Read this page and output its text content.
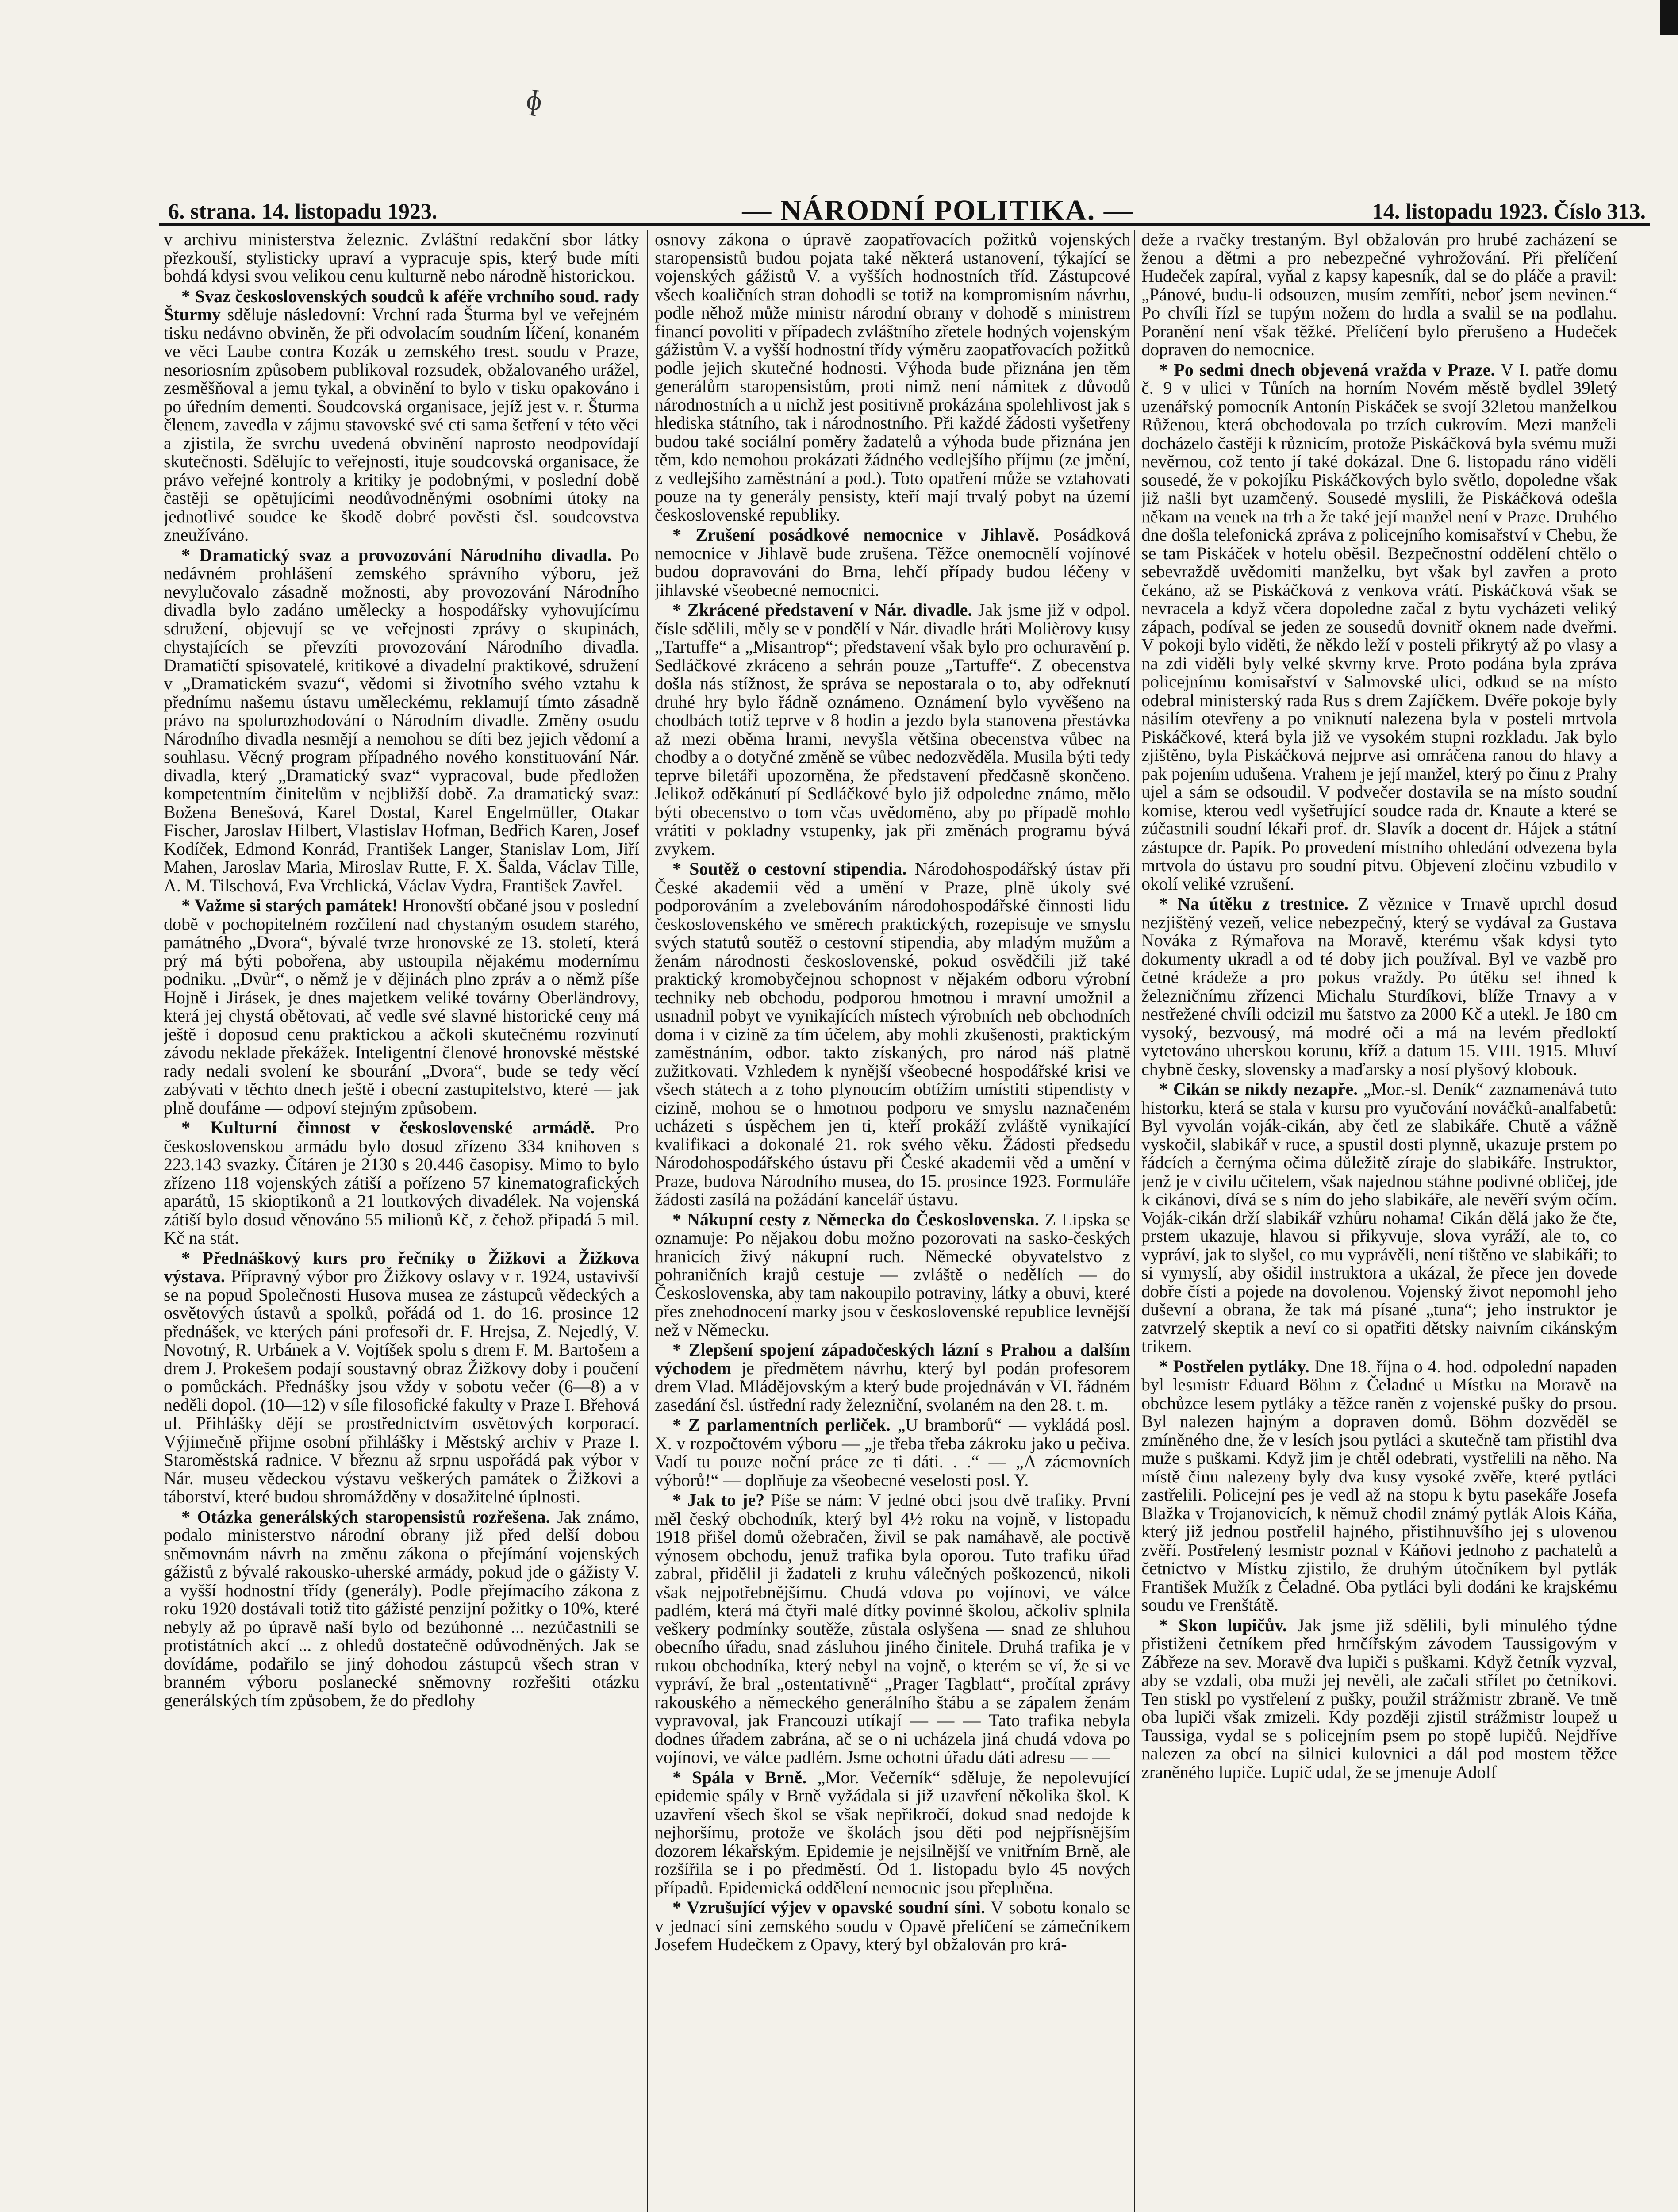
ɸ
6. strana. 14. listopadu 1923.	— NÁRODNÍ POLITIKA. —	14. listopadu 1923. Číslo 313.

v archivu ministerstva železnic. Zvláštní redakční sbor látky přezkouší, stylisticky upraví a vypracuje spis, který bude míti bohdá kdysi svou velikou cenu kulturně nebo národně historickou.

* Svaz československých soudců k aféře vrchního soud. rady Šturmy sděluje následovní: Vrchní rada Šturma byl ve veřejném tisku nedávno obviněn, že při odvolacím soudním líčení, konaném ve věci Laube contra Kozák u zemského trest. soudu v Praze, nesoriosním způsobem publikoval rozsudek, obžalovaného urážel, zesměšňoval a jemu tykal, a obvinění to bylo v tisku opakováno i po úředním dementi. Soudcovská organisace, jejíž jest v. r. Šturma členem, zavedla v zájmu stavovské své cti sama šetření v této věci a zjistila, že svrchu uvedená obvinění naprosto neodpovídají skutečnosti. Sdělujíc to veřejnosti, ituje soudcovská organisace, že právo veřejné kontroly a kritiky je podobnými, v poslední době častěji se opětujícími neodůvodněnými osobními útoky na jednotlivé soudce ke škodě dobré pověsti čsl. soudcovstva zneužíváno.

* Dramatický svaz a provozování Národního divadla. Po nedávném prohlášení zemského správního výboru, jež nevylučovalo zásadně možnosti, aby provozování Národního divadla bylo zadáno umělecky a hospodářsky vyhovujícímu sdružení, objevují se ve veřejnosti zprávy o skupinách, chystajících se převzíti provozování Národního divadla. Dramatičtí spisovatelé, kritikové a divadelní praktikové, sdružení v „Dramatickém svazu“, vědomi si životního svého vztahu k přednímu našemu ústavu uměleckému, reklamují tímto zásadně právo na spolurozhodování o Národním divadle. Změny osudu Národního divadla nesmějí a nemohou se díti bez jejich vědomí a souhlasu. Věcný program případného nového konstituování Nár. divadla, který „Dramatický svaz“ vypracoval, bude předložen kompetentním činitelům v nejbližší době. Za dramatický svaz: Božena Benešová, Karel Dostal, Karel Engelmüller, Otakar Fischer, Jaroslav Hilbert, Vlastislav Hofman, Bedřich Karen, Josef Kodíček, Edmond Konrád, František Langer, Stanislav Lom, Jiří Mahen, Jaroslav Maria, Miroslav Rutte, F. X. Šalda, Václav Tille, A. M. Tilschová, Eva Vrchlická, Václav Vydra, František Zavřel.

* Važme si starých památek! Hronovští občané jsou v poslední době v pochopitelném rozčilení nad chystaným osudem starého, památného „Dvora“, bývalé tvrze hronovské ze 13. století, která prý má býti pobořena, aby ustoupila nějakému modernímu podniku. „Dvůr“, o němž je v dějinách plno zpráv a o němž píše Hojně i Jirásek, je dnes majetkem veliké továrny Oberländrovy, která jej chystá obětovati, ač vedle své slavné historické ceny má ještě i doposud cenu praktickou a ačkoli skutečnému rozvinutí závodu nekladе překážek. Inteligentní členové hronovské městské rady nedali svolení ke sbourání „Dvora“, bude se tedy věcí zabývati v těchto dnech ještě i obecní zastupitelstvo, které — jak plně doufáme — odpoví stejným způsobem.

* Kulturní činnost v československé armádě. Pro československou armádu bylo dosud zřízeno 334 knihoven s 223.143 svazky. Čítáren je 2130 s 20.446 časopisy. Mimo to bylo zřízeno 118 vojenských zátiší a pořízeno 57 kinematografických aparátů, 15 skioptikonů a 21 loutkových divadélek. Na vojenská zátiší bylo dosud věnováno 55 milionů Kč, z čehož připadá 5 mil. Kč na stát.

* Přednáškový kurs pro řečníky o Žižkovi a Žižkova výstava. Přípravný výbor pro Žižkovy oslavy v r. 1924, ustavivší se na popud Společnosti Husova musea ze zástupců vědeckých a osvětových ústavů a spolků, pořádá od 1. do 16. prosince 12 přednášek, ve kterých páni profesoři dr. F. Hrejsa, Z. Nejedlý, V. Novotný, R. Urbánek a V. Vojtíšek spolu s drem F. M. Bartošem a drem J. Prokešem podají soustavný obraz Žižkovy doby i poučení o pomůckách. Přednášky jsou vždy v sobotu večer (6—8) a v neděli dopol. (10—12) v síle filosofické fakulty v Praze I. Břehová ul. Přihlášky dějí se prostřednictvím osvětových korporací. Výjimečně přijme osobní přihlášky i Městský archiv v Praze I. Staroměstská radnice. V březnu až srpnu uspořádá pak výbor v Nár. museu vědeckou výstavu veškerých památek o Žižkovi a táborství, které budou shromážděny v dosažitelné úplnosti.

* Otázka generálských staropensistů rozřešena. Jak známo, podalo ministerstvo národní obrany již před delší dobou sněmovnám návrh na změnu zákona o přejímání vojenských gážistů z bývalé rakousko-uherské armády, pokud jde o gážisty V. a vyšší hodnostní třídy (generály). Podle přejímacího zákona z roku 1920 dostávali totiž tito gážisté penzijní požitky o 10%, které nebyly až po úpravě naší bylo od bezúhonné ... nezúčastnili se protistátních akcí ... z ohledů dostatečně odůvodněných. Jak se dovídáme, podařilo se jiný dohodou zástupců všech stran v branném výboru poslanecké sněmovny rozřešiti otázku generálských tím způsobem, že do předlohy

osnovy zákona o úpravě zaopatřovacích požitků vojenských staropensistů budou pojata také některá ustanovení, týkající se vojenských gážistů V. a vyšších hodnostních tříd. Zástupcové všech koaličních stran dohodli se totiž na kompromisním návrhu, podle něhož může ministr národní obrany v dohodě s ministrem financí povoliti v případech zvláštního zřetele hodných vojenským gážistům V. a vyšší hodnostní třídy výměru zaopatřovacích požitků podle jejich skutečné hodnosti. Výhoda bude přiznána jen těm generálům staropensistům, proti nimž není námitek z důvodů národnostních a u nichž jest positivně prokázána spolehlivost jak s hlediska státního, tak i národnostního. Při každé žádosti vyšetřeny budou také sociální poměry žadatelů a výhoda bude přiznána jen těm, kdo nemohou prokázati žádného vedlejšího příjmu (ze jmění, z vedlejšího zaměstnání a pod.). Toto opatření může se vztahovati pouze na ty generály pensisty, kteří mají trvalý pobyt na území československé republiky.

* Zrušení posádkové nemocnice v Jihlavě. Posádková nemocnice v Jihlavě bude zrušena. Těžce onemocnělí vojínové budou dopravováni do Brna, lehčí případy budou léčeny v jihlavské všeobecné nemocnici.

* Zkrácené představení v Nár. divadle. Jak jsme již v odpol. čísle sdělili, měly se v pondělí v Nár. divadle hráti Molièrovy kusy „Tartuffe“ a „Misantrop“; představení však bylo pro ochuravění p. Sedláčkové zkráceno a sehrán pouze „Tartuffe“. Z obecenstva došla nás stížnost, že správa se nepostarala o to, aby odřeknutí druhé hry bylo řádně oznámeno. Oznámení bylo vyvěšeno na chodbách totiž teprve v 8 hodin a jezdo byla stanovena přestávka až mezi oběma hrami, nevyšla většina obecenstva vůbec na chodby a o dotyčné změně se vůbec nedozvěděla. Musila býti tedy teprve biletáři upozorněna, že představení předčasně skončeno. Jelikož oděkánutí pí Sedláčkové bylo již odpoledne známo, mělo býti obecenstvo o tom včas uvědoměno, aby po případě mohlo vrátiti v pokladny vstupenky, jak při změnách programu bývá zvykem.

* Soutěž o cestovní stipendia. Národohospodářský ústav při České akademii věd a umění v Praze, plně úkoly své podporováním a zvelebováním národohospodářské činnosti lidu československého ve směrech praktických, rozepisuje ve smyslu svých statutů soutěž o cestovní stipendia, aby mladým mužům a ženám národnosti československé, pokud osvědčili již také praktický kromobyčejnou schopnost v nějakém odboru výrobní techniky neb obchodu, podporou hmotnou i mravní umožnil a usnadnil pobyt ve vynikajících místech výrobních neb obchodních doma i v cizině za tím účelem, aby mohli zkušenosti, praktickým zaměstnáním, odbor. takto získaných, pro národ náš platně zužitkovati. Vzhledem k nynější všeobecné hospodářské krisi ve všech státech a z toho plynoucím obtížím umístiti stipendisty v cizině, mohou se o hmotnou podporu ve smyslu naznačeném ucházeti s úspěchem jen ti, kteří prokáží zvláště vynikající kvalifikaci a dokonalé 21. rok svého věku. Žádosti předsedu Národohospodářského ústavu při České akademii věd a umění v Praze, budova Národního musea, do 15. prosince 1923. Formuláře žádosti zasílá na požádání kancelář ústavu.

* Nákupní cesty z Německa do Československa. Z Lipska se oznamuje: Po nějakou dobu možno pozorovati na sasko-českých hranicích živý nákupní ruch. Německé obyvatelstvo z pohraničních krajů cestuje — zvláště o nedělích — do Československa, aby tam nakoupilo potraviny, látky a obuvi, které přes znehodnocení marky jsou v československé republice levnější než v Německu.

* Zlepšení spojení západočeských lázní s Prahou a dalším východem je předmětem návrhu, který byl podán profesorem drem Vlad. Mládějovským a který bude projednáván v VI. řádném zasedání čsl. ústřední rady železniční, svolaném na den 28. t. m.

* Z parlamentních perliček. „U bramborů“ — vykládá posl. X. v rozpočtovém výboru — „je třeba třeba zákroku jako u pečiva. Vadí tu pouze noční práce ze ti dáti. . .“ — „A zácmovních výborů!“ — doplňuje za všeobecné veselosti posl. Y.

* Jak to je? Píše se nám: V jedné obci jsou dvě trafiky. První měl český obchodník, který byl 4½ roku na vojně, v listopadu 1918 přišel domů ožebračen, živil se pak namáhavě, ale poctivě výnosem obchodu, jenuž trafika byla oporou. Tuto trafiku úřad zabral, přidělil ji žadateli z kruhu válečných poškozenců, nikoli však nejpotřebnějšímu. Chudá vdova po vojínovi, ve válce padlém, která má čtyři malé dítky povinné školou, ačkoliv splnila veškery podmínky soutěže, zůstala oslyšena — snad ze shluhou obecního úřadu, snad zásluhou jiného činitele. Druhá trafika je v rukou obchodníka, který nebyl na vojně, o kterém se ví, že si ve vypráví, že bral „ostentativně“ „Prager Tagblatt“, pročítal zprávy rakouského a německého generálního štábu a se zápalem ženám vypravoval, jak Francouzi utíkají — — — Tato trafika nebyla dodnes úřadem zabrána, ač se o ni ucházela jiná chudá vdova po vojínovi, ve válce padlém. Jsme ochotni úřadu dáti adresu — —

* Spála v Brně. „Mor. Večerník“ sděluje, že nepolevující epidemie spály v Brně vyžádala si již uzavření několika škol. K uzavření všech škol se však nepřikročí, dokud snad nedojde k nejhoršímu, protože ve školách jsou děti pod nejpřísnějším dozorem lékařským. Epidemie je nejsilnější ve vnitřním Brně, ale rozšířila se i po předměstí. Od 1. listopadu bylo 45 nových případů. Epidemická oddělení nemocnic jsou přeplněna.

* Vzrušující výjev v opavské soudní síni. V sobotu konalo se v jednací síni zemského soudu v Opavě přelíčení se zámečníkem Josefem Hudečkem z Opavy, který byl obžalován pro krá-

deže a rvačky trestaným. Byl obžalován pro hrubé zacházení se ženou a dětmi a pro nebezpečné vyhrožování. Při přelíčení Hudeček zapíral, vyňal z kapsy kapesník, dal se do pláče a pravil: „Pánové, budu-li odsouzen, musím zemříti, neboť jsem nevinen.“ Po chvíli řízl se tupým nožem do hrdla a svalil se na podlahu. Poranění není však těžké. Přelíčení bylo přerušeno a Hudeček dopraven do nemocnice.

* Po sedmi dnech objevená vražda v Praze. V I. patře domu č. 9 v ulici v Tůních na horním Novém městě bydlel 39letý uzenářský pomocník Antonín Piskáček se svojí 32letou manželkou Růženou, která obchodovala po trzích cukrovím. Mezi manželi docházelo častěji k různicím, protože Piskáčková byla svému muži nevěrnou, což tento jí také dokázal. Dne 6. listopadu ráno viděli sousedé, že v pokojíku Piskáčkových bylo světlo, dopoledne však již našli byt uzamčený. Sousedé myslili, že Piskáčková odešla někam na venek na trh a že také její manžel není v Praze. Druhého dne došla telefonická zpráva z policejního komisařství v Chebu, že se tam Piskáček v hotelu oběsil. Bezpečnostní oddělení chtělo o sebevraždě uvědomiti manželku, byt však byl zavřen a proto čekáno, až se Piskáčková z venkova vrátí. Piskáčková však se nevracela a když včera dopoledne začal z bytu vycházeti veliký zápach, podíval se jeden ze sousedů dovnitř oknem nade dveřmi. V pokoji bylo viděti, že někdo leží v posteli přikrytý až po vlasy a na zdi viděli byly velké skvrny krve. Proto podána byla zpráva policejnímu komisařství v Salmovské ulici, odkud se na místo odebral ministerský rada Rus s drem Zajíčkem. Dvéře pokoje byly násilím otevřeny a po vniknutí nalezena byla v posteli mrtvola Piskáčkové, která byla již ve vysokém stupni rozkladu. Jak bylo zjištěno, byla Piskáčková nejprve asi omráčena ranou do hlavy a pak pojením udušena. Vrahem je její manžel, který po činu z Prahy ujel a sám se odsoudil. V podvečer dostavila se na místo soudní komise, kterou vedl vyšetřující soudce rada dr. Knaute a které se zúčastnili soudní lékaři prof. dr. Slavík a docent dr. Hájek a státní zástupce dr. Papík. Po provedení místního ohledání odvezena byla mrtvola do ústavu pro soudní pitvu. Objevení zločinu vzbudilo v okolí veliké vzrušení.

* Na útěku z trestnice. Z věznice v Trnavě uprchl dosud nezjištěný vezeň, velice nebezpečný, který se vydával za Gustava Nováka z Rýmařova na Moravě, kterému však kdysi tyto dokumenty ukradl a od té doby jich používal. Byl ve vazbě pro četné krádeže a pro pokus vraždy. Po útěku se! ihned k železničnímu zřízenci Michalu Sturdíkovi, blíže Trnavy a v nestřežené chvíli odcizil mu šatstvo za 2000 Kč a utekl. Je 180 cm vysoký, bezvousý, má modré oči a má na levém předloktí vytetováno uherskou korunu, kříž a datum 15. VIII. 1915. Mluví chybně česky, slovensky a maďarsky a nosí plyšový klobouk.

* Cikán se nikdy nezapře. „Mor.-sl. Deník“ zaznamenává tuto historku, která se stala v kursu pro vyučování nováčků-analfabetů: Byl vyvolán voják-cikán, aby četl ze slabikáře. Chutě a vážně vyskočil, slabikář v ruce, a spustil dosti plynně, ukazuje prstem po řádcích a černýma očima důležitě zíraje do slabikáře. Instruktor, jenž je v civilu učitelem, však najednou stáhne podivné obličej, jde k cikánovi, dívá se s ním do jeho slabikáře, ale nevěří svým očím. Voják-cikán drží slabikář vzhůru nohama! Cikán dělá jako že čte, prstem ukazuje, hlavou si přikyvuje, slova vyráží, ale to, co vypráví, jak to slyšel, co mu vyprávěli, není tištěno ve slabikáři; to si vymyslí, aby ošidil instruktora a ukázal, že přece jen dovede dobře čísti a pojede na dovolenou. Vojenský život nepomohl jeho duševní a obrana, že tak má písané „tuna“; jeho instruktor je zatvrzelý skeptik a neví co si opatřiti dětsky naivním cikánským trikem.

* Postřelen pytláky. Dne 18. října o 4. hod. odpolední napaden byl lesmistr Eduard Böhm z Čeladné u Místku na Moravě na obchůzce lesem pytláky a těžce raněn z vojenské pušky do prsou. Byl nalezen hajným a dopraven domů. Böhm dozvěděl se zmíněného dne, že v lesích jsou pytláci a skutečně tam přistihl dva muže s puškami. Když jim je chtěl odebrati, vystřelili na něho. Na místě činu nalezeny byly dva kusy vysoké zvěře, které pytláci zastřelili. Policejní pes je vedl až na stopu k bytu pasekáře Josefa Blažka v Trojanovicích, k němuž chodil známý pytlák Alois Káňa, který již jednou postřelil hajného, přistihnuvšího jej s ulovenou zvěří. Postřelený lesmistr poznal v Káňovi jednoho z pachatelů a četnictvo v Místku zjistilo, že druhým útočníkem byl pytlák František Mužík z Čeladné. Oba pytláci byli dodáni ke krajskému soudu ve Frenštátě.

* Skon lupičův. Jak jsme již sdělili, byli minulého týdne přistiženi četníkem před hrnčířským závodem Taussigovým v Zábřeze na sev. Moravě dva lupiči s puškami. Když četník vyzval, aby se vzdali, oba muži jej nevěli, ale začali střílet po četníkovi. Ten stiskl po vystřelení z pušky, použil strážmistr zbraně. Ve tmě oba lupiči však zmizeli. Kdy později zjistil strážmistr loupež u Taussiga, vydal se s policejním psem po stopě lupičů. Nejdříve nalezen za obcí na silnici kulovnici a dál pod mostem těžce zraněného lupiče. Lupič udal, že se jmenuje Adolf
